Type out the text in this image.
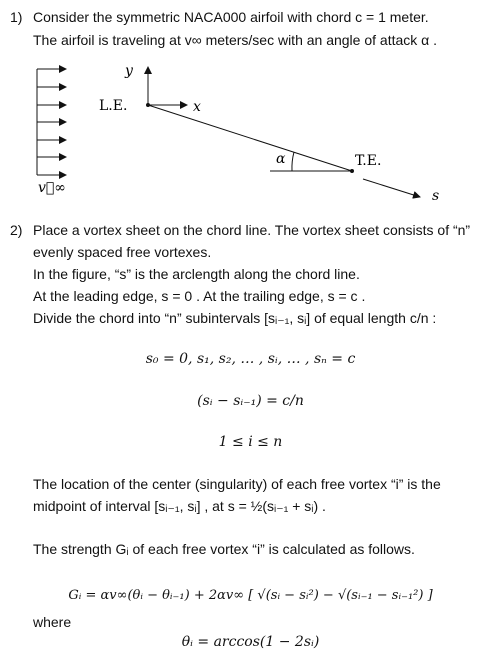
1) Consider the symmetric NACA000 airfoil with chord c = 1 meter.
The airfoil is traveling at v∞ meters/sec with an angle of attack α .
v⃗∞
y
x
L.E.
α	T.E.
s
2) Place a vortex sheet on the chord line. The vortex sheet consists of “n”
evenly spaced free vortexes.
In the figure, “s” is the arclength along the chord line.
At the leading edge, s = 0 . At the trailing edge, s = c .
Divide the chord into “n” subintervals [sᵢ₋₁, sᵢ] of equal length c/n :
s₀ = 0, s₁, s₂, … , sᵢ, … , sₙ = c
(sᵢ − sᵢ₋₁) = c/n
1 ≤ i ≤ n
The location of the center (singularity) of each free vortex “i” is the
midpoint of interval [sᵢ₋₁, sᵢ] , at s = ½(sᵢ₋₁ + sᵢ) .
The strength Gᵢ of each free vortex “i” is calculated as follows.
Gᵢ = αv∞(θᵢ − θᵢ₋₁) + 2αv∞ [ √(sᵢ − sᵢ²) − √(sᵢ₋₁ − sᵢ₋₁²) ]
where
θᵢ = arccos(1 − 2sᵢ)
